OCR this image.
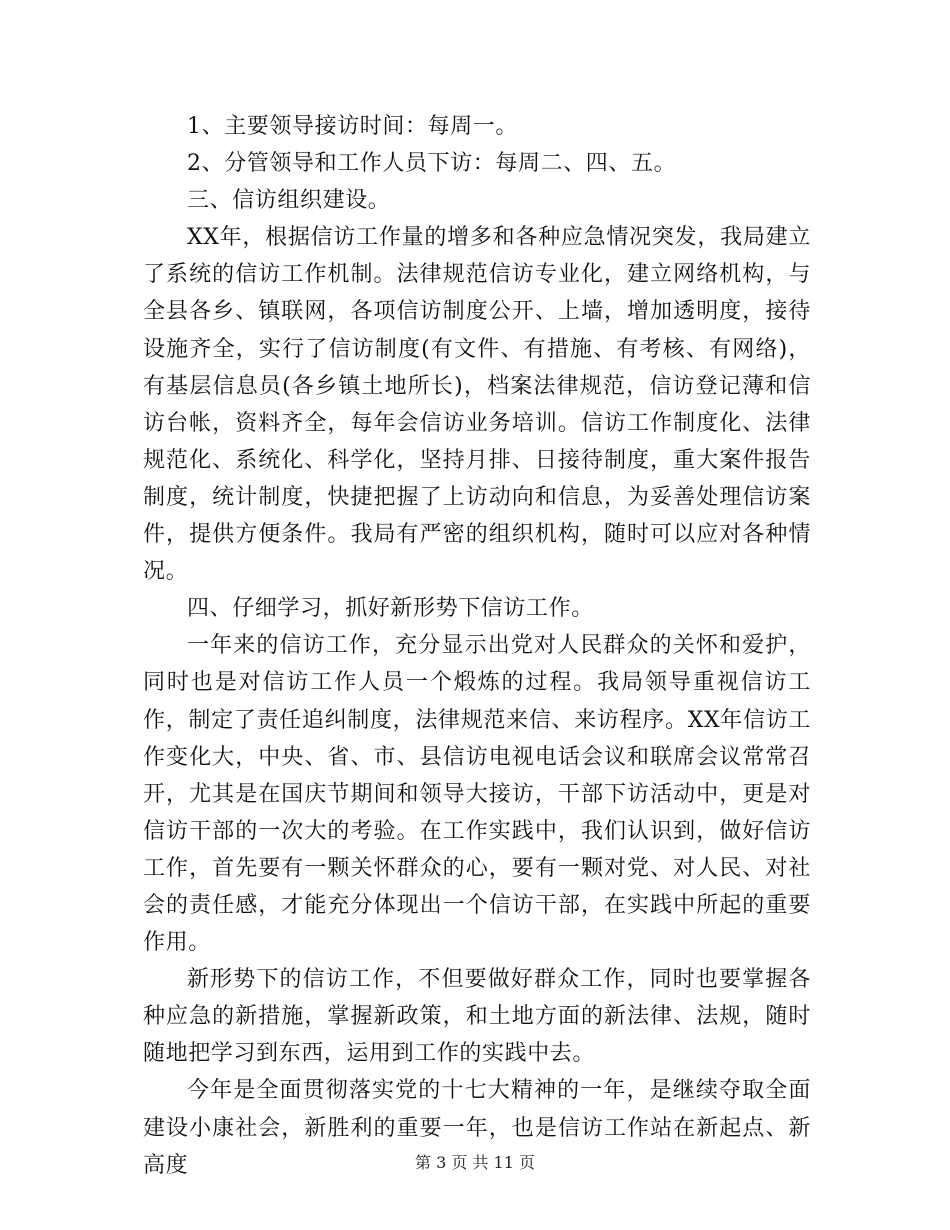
1、主要领导接访时间：每周一。

2、分管领导和工作人员下访：每周二、四、五。

三、信访组织建设。

XX年，根据信访工作量的增多和各种应急情况突发，我局建立了系统的信访工作机制。法律规范信访专业化，建立网络机构，与全县各乡、镇联网，各项信访制度公开、上墙，增加透明度，接待设施齐全，实行了信访制度(有文件、有措施、有考核、有网络)，有基层信息员(各乡镇土地所长)，档案法律规范，信访登记薄和信访台帐，资料齐全，每年会信访业务培训。信访工作制度化、法律规范化、系统化、科学化，坚持月排、日接待制度，重大案件报告制度，统计制度，快捷把握了上访动向和信息，为妥善处理信访案件，提供方便条件。我局有严密的组织机构，随时可以应对各种情况。

四、仔细学习，抓好新形势下信访工作。

一年来的信访工作，充分显示出党对人民群众的关怀和爱护，同时也是对信访工作人员一个煅炼的过程。我局领导重视信访工作，制定了责任追纠制度，法律规范来信、来访程序。XX年信访工作变化大，中央、省、市、县信访电视电话会议和联席会议常常召开，尤其是在国庆节期间和领导大接访，干部下访活动中，更是对信访干部的一次大的考验。在工作实践中，我们认识到，做好信访工作，首先要有一颗关怀群众的心，要有一颗对党、对人民、对社会的责任感，才能充分体现出一个信访干部，在实践中所起的重要作用。

新形势下的信访工作，不但要做好群众工作，同时也要掌握各种应急的新措施，掌握新政策，和土地方面的新法律、法规，随时随地把学习到东西，运用到工作的实践中去。

今年是全面贯彻落实党的十七大精神的一年，是继续夺取全面建设小康社会，新胜利的重要一年，也是信访工作站在新起点、新高度	第 3 页 共 11 页
